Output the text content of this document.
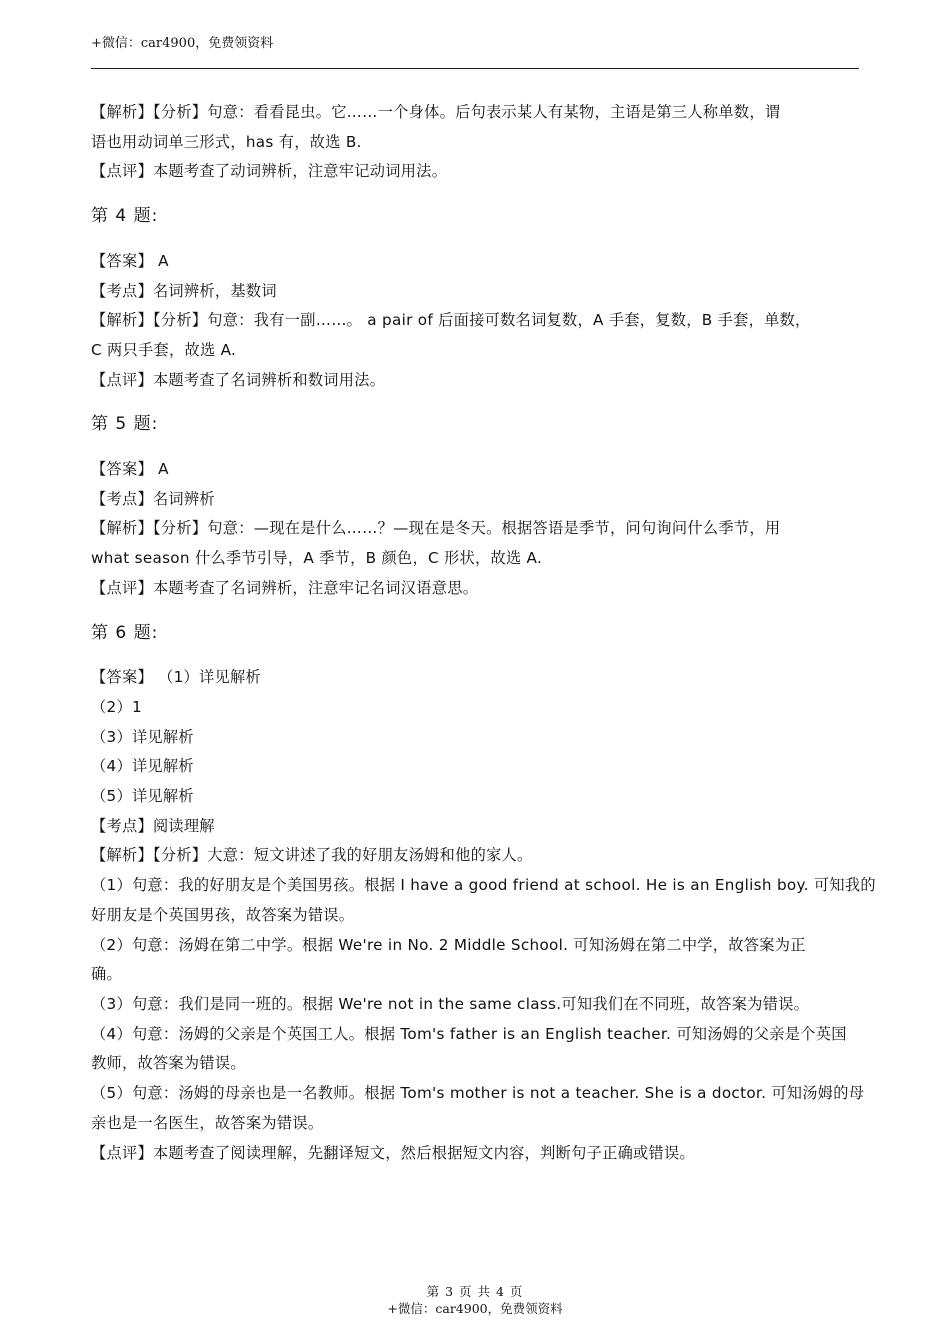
+微信：car4900，免费领资料
【解析】【分析】句意：看看昆虫。它……一个身体。后句表示某人有某物，主语是第三人称单数，谓
语也用动词单三形式，has 有，故选 B.
【点评】本题考查了动词辨析，注意牢记动词用法。
第 4 题:
【答案】 A
【考点】名词辨析，基数词
【解析】【分析】句意：我有一副……。 a pair of 后面接可数名词复数，A 手套，复数，B 手套，单数，
C 两只手套，故选 A.
【点评】本题考查了名词辨析和数词用法。
第 5 题:
【答案】 A
【考点】名词辨析
【解析】【分析】句意：—现在是什么……？—现在是冬天。根据答语是季节，问句询问什么季节，用
what season 什么季节引导，A 季节，B 颜色，C 形状，故选 A.
【点评】本题考查了名词辨析，注意牢记名词汉语意思。
第 6 题:
【答案】 （1）详见解析
（2）1
（3）详见解析
（4）详见解析
（5）详见解析
【考点】阅读理解
【解析】【分析】大意：短文讲述了我的好朋友汤姆和他的家人。
（1）句意：我的好朋友是个美国男孩。根据 I have a good friend at school. He is an English boy. 可知我的
好朋友是个英国男孩，故答案为错误。
（2）句意：汤姆在第二中学。根据 We're in No. 2 Middle School. 可知汤姆在第二中学，故答案为正
确。
（3）句意：我们是同一班的。根据 We're not in the same class.可知我们在不同班，故答案为错误。
（4）句意：汤姆的父亲是个英国工人。根据 Tom's father is an English teacher. 可知汤姆的父亲是个英国
教师，故答案为错误。
（5）句意：汤姆的母亲也是一名教师。根据 Tom's mother is not a teacher. She is a doctor. 可知汤姆的母
亲也是一名医生，故答案为错误。
【点评】本题考查了阅读理解，先翻译短文，然后根据短文内容，判断句子正确或错误。
第 3 页 共 4 页
+微信：car4900，免费领资料
